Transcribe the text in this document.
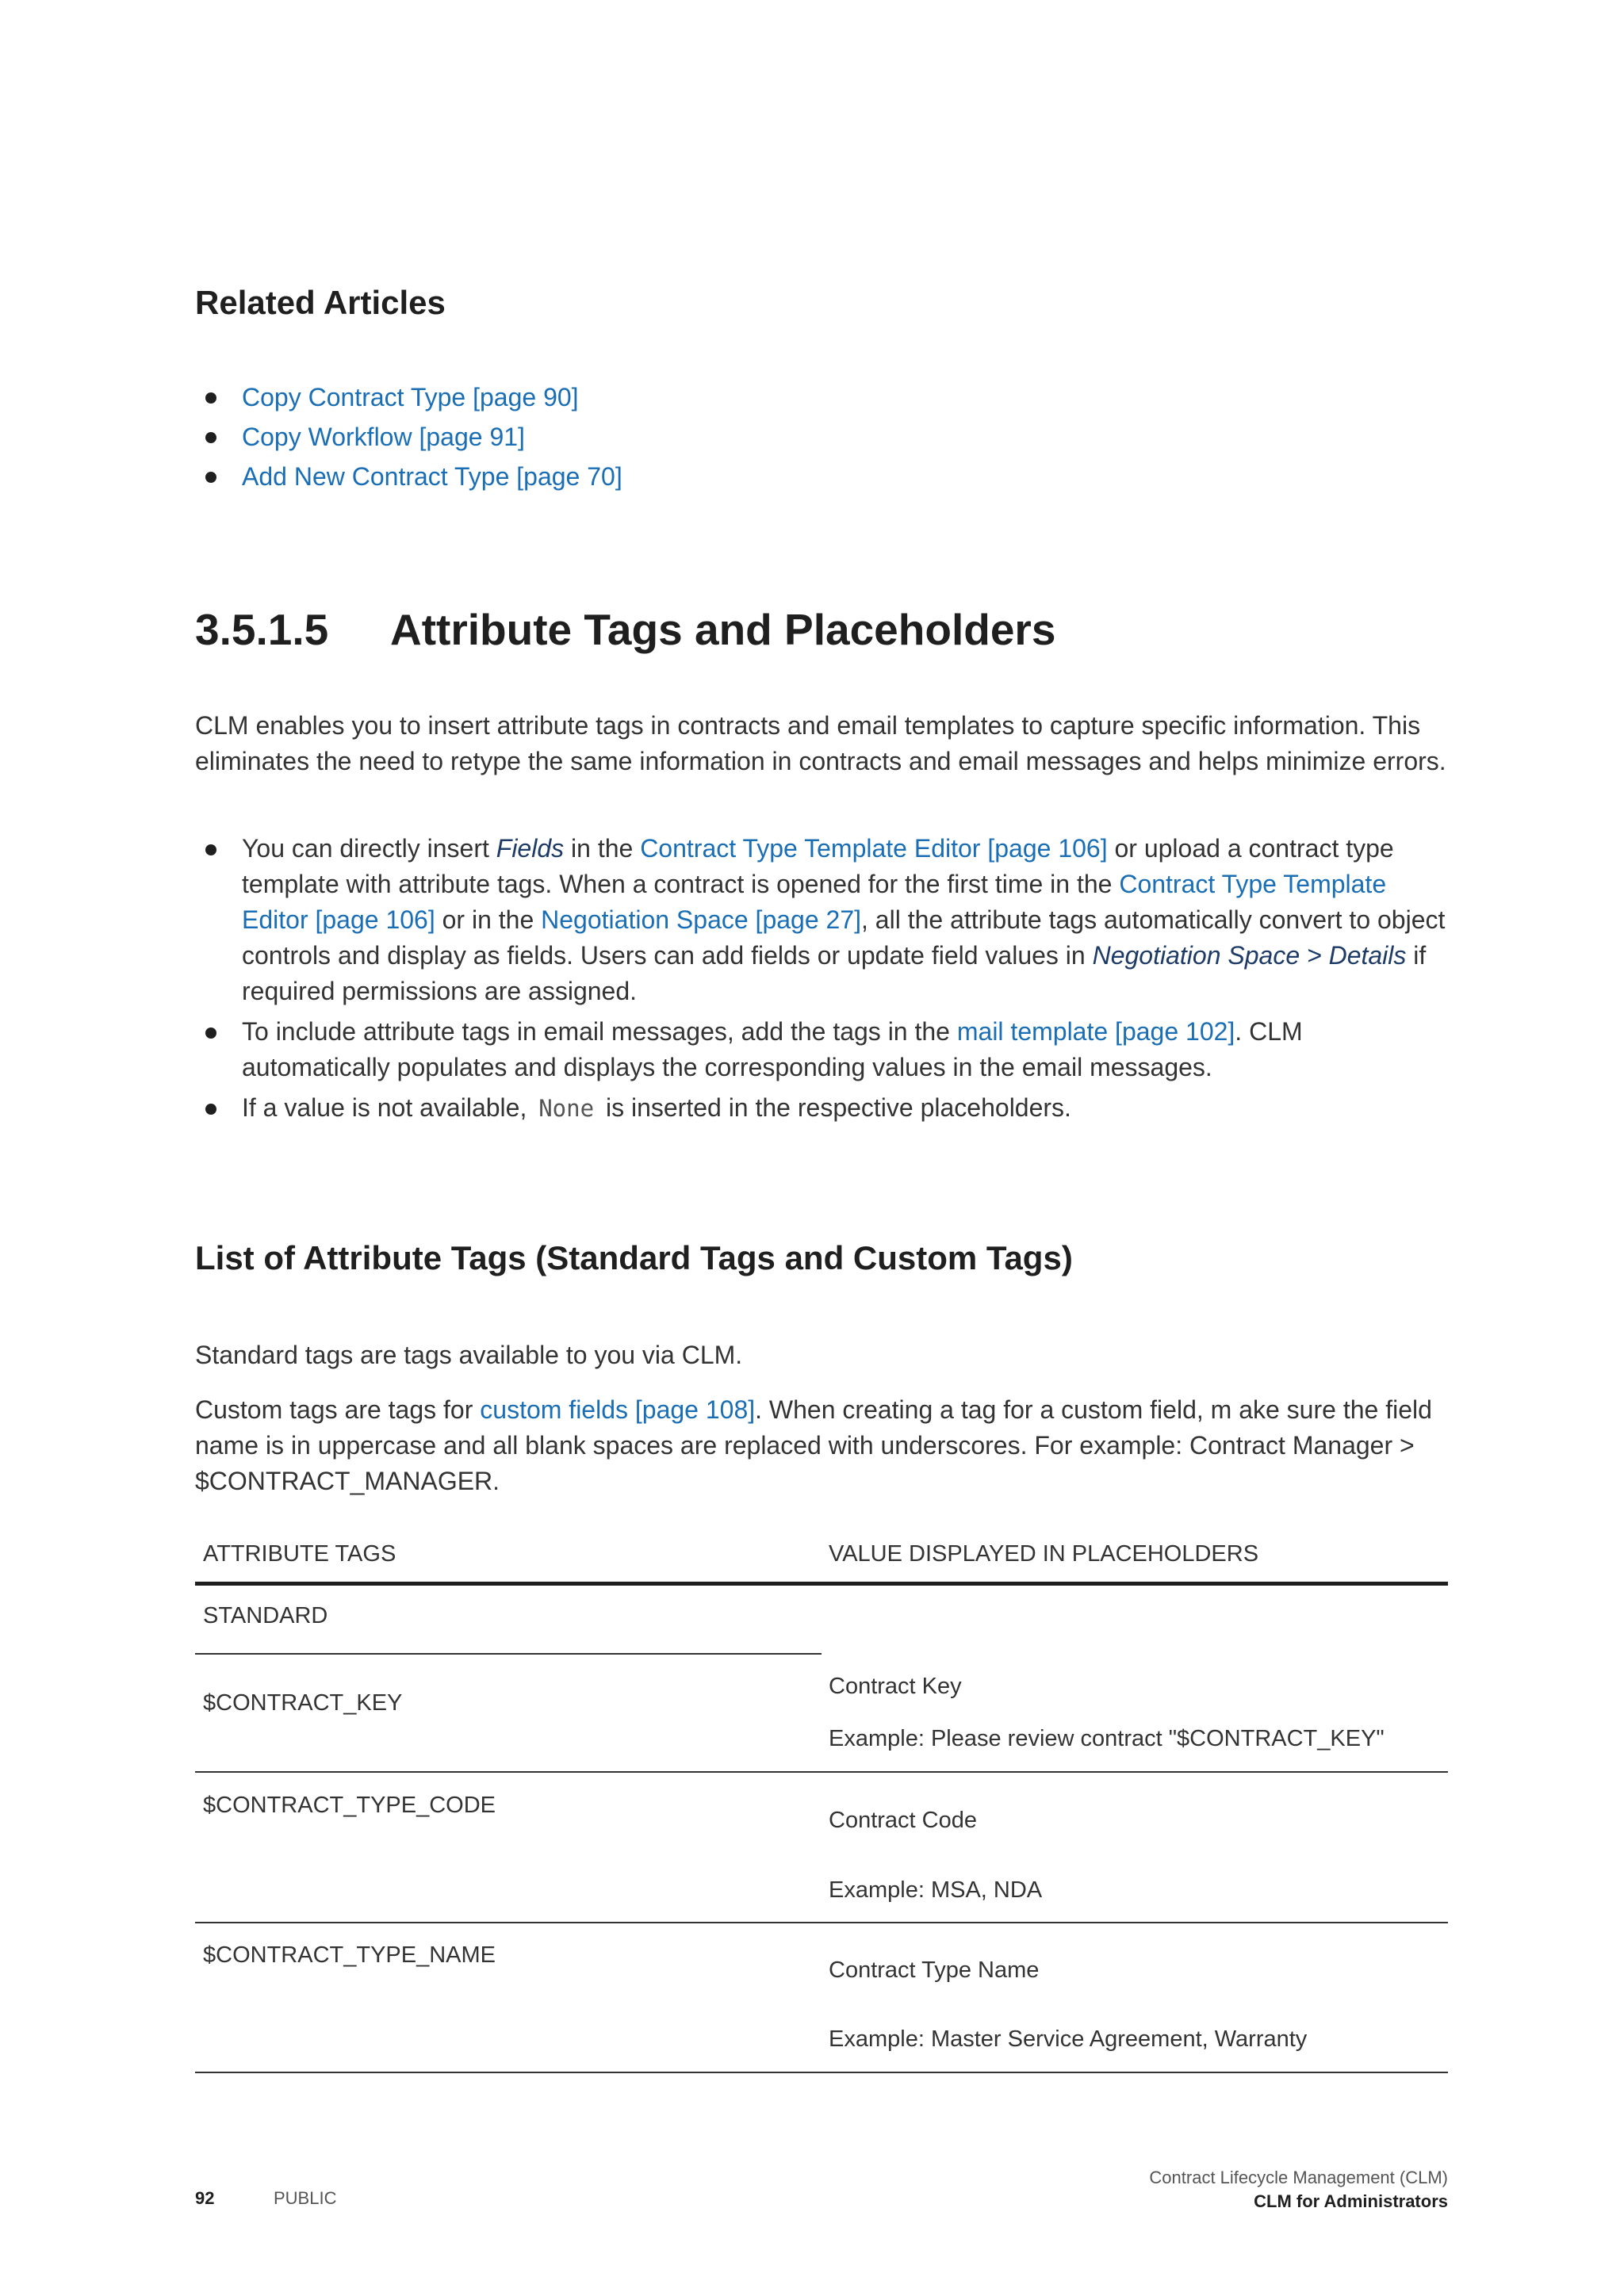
Related Articles
Copy Contract Type [page 90]
Copy Workflow [page 91]
Add New Contract Type [page 70]
3.5.1.5 Attribute Tags and Placeholders

CLM enables you to insert attribute tags in contracts and email templates to capture specific information. This eliminates the need to retype the same information in contracts and email messages and helps minimize errors.

You can directly insert Fields in the Contract Type Template Editor [page 106] or upload a contract type template with attribute tags. When a contract is opened for the first time in the Contract Type Template Editor [page 106] or in the Negotiation Space [page 27], all the attribute tags automatically convert to object controls and display as fields. Users can add fields or update field values in Negotiation Space > Details if required permissions are assigned.
To include attribute tags in email messages, add the tags in the mail template [page 102]. CLM automatically populates and displays the corresponding values in the email messages.
If a value is not available, None is inserted in the respective placeholders.
List of Attribute Tags (Standard Tags and Custom Tags)

Standard tags are tags available to you via CLM.

Custom tags are tags for custom fields [page 108]. When creating a tag for a custom field, m ake sure the field name is in uppercase and all blank spaces are replaced with underscores. For example: Contract Manager > $CONTRACT_MANAGER.

ATTRIBUTE TAGS	VALUE DISPLAYED IN PLACEHOLDERS
STANDARD
$CONTRACT_KEY
Contract Key
Example: Please review contract "$CONTRACT_KEY"
$CONTRACT_TYPE_CODE
Contract Code
Example: MSA, NDA
$CONTRACT_TYPE_NAME
Contract Type Name
Example: Master Service Agreement, Warranty
92	PUBLIC
Contract Lifecycle Management (CLM)
CLM for Administrators
